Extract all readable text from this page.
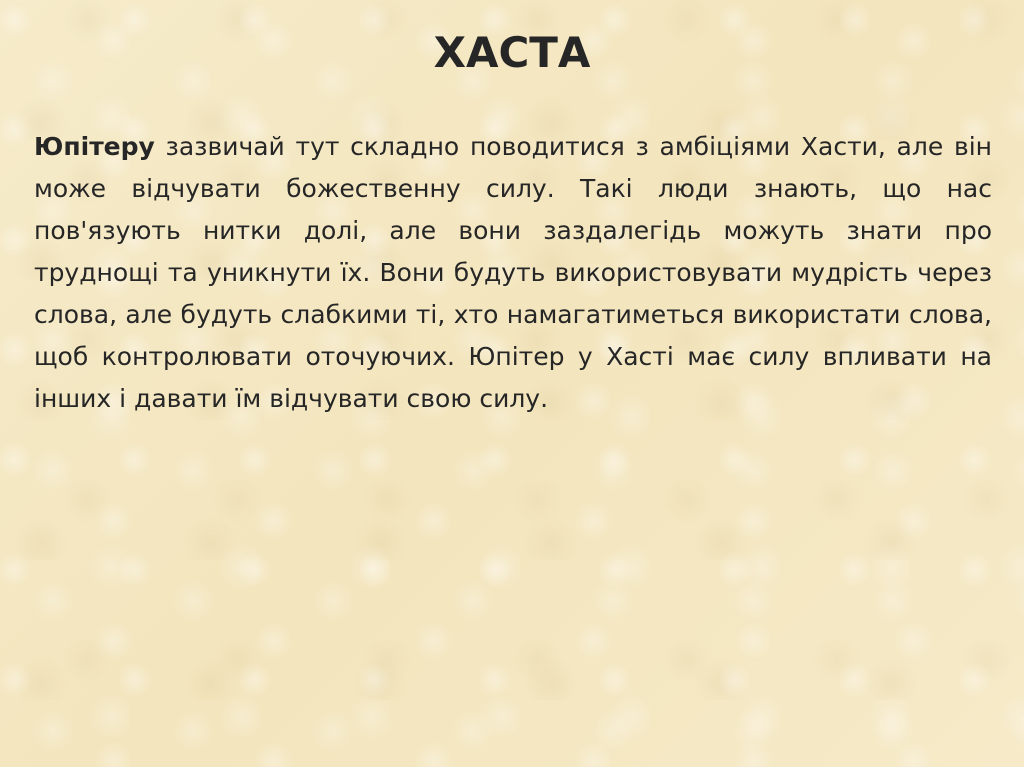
ХАСТА

Юпітеру зазвичай тут складно поводитися з амбіціями Хасти, але він може відчувати божественну силу. Такі люди знають, що нас пов'язують нитки долі, але вони заздалегідь можуть знати про труднощі та уникнути їх. Вони будуть використовувати мудрість через слова, але будуть слабкими ті, хто намагатиметься використати слова, щоб контролювати оточуючих. Юпітер у Хасті має силу впливати на інших і давати їм відчувати свою силу.
